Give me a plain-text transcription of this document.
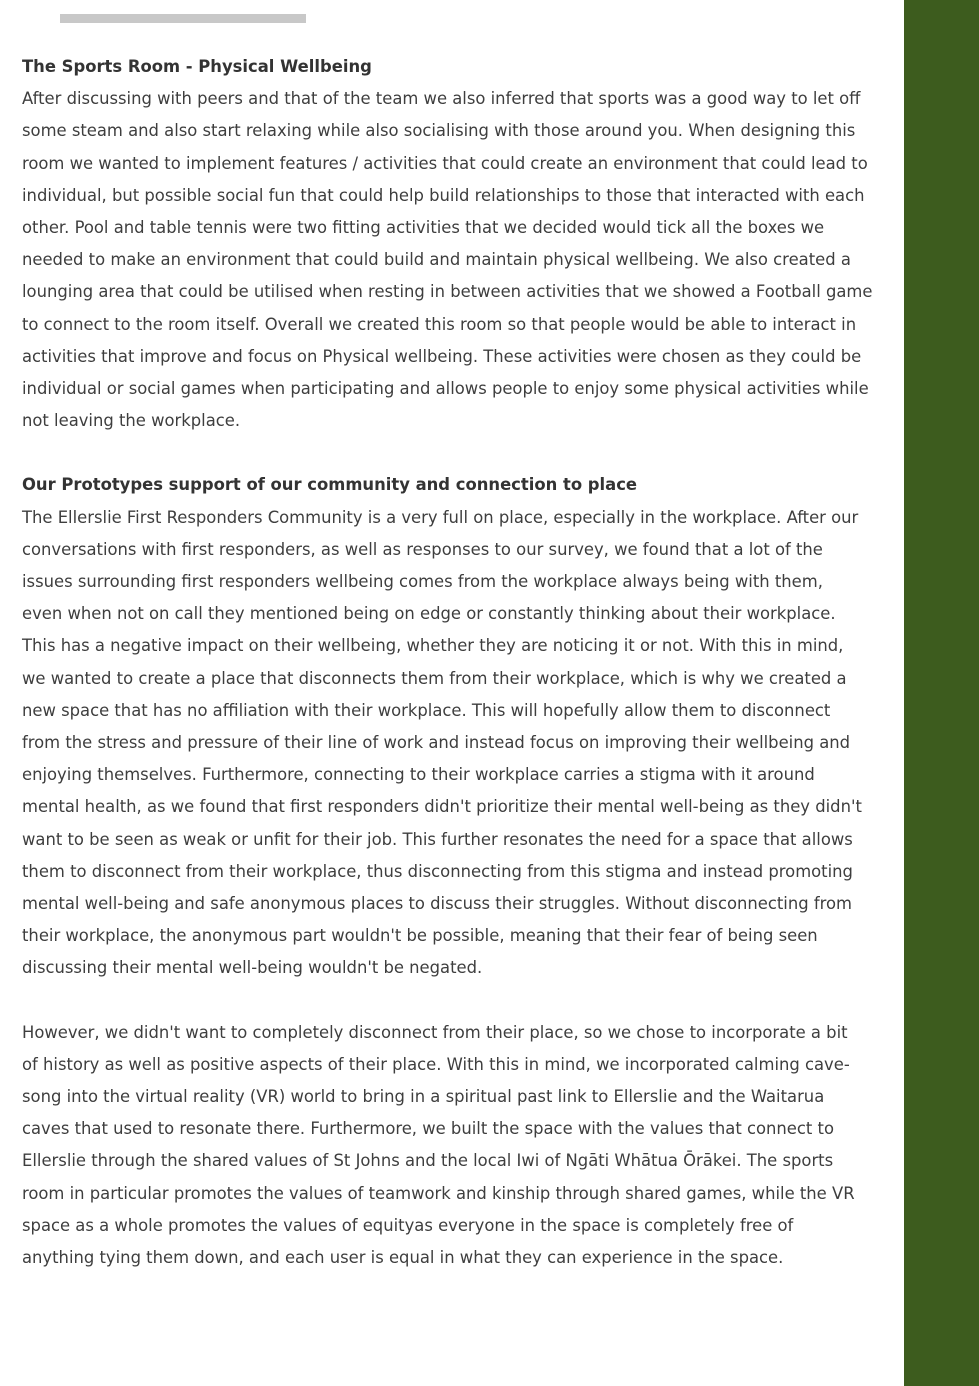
The Sports Room - Physical Wellbeing
After discussing with peers and that of the team we also inferred that sports was a good way to let off
some steam and also start relaxing while also socialising with those around you. When designing this
room we wanted to implement features / activities that could create an environment that could lead to
individual, but possible social fun that could help build relationships to those that interacted with each
other. Pool and table tennis were two fitting activities that we decided would tick all the boxes we
needed to make an environment that could build and maintain physical wellbeing. We also created a
lounging area that could be utilised when resting in between activities that we showed a Football game
to connect to the room itself. Overall we created this room so that people would be able to interact in
activities that improve and focus on Physical wellbeing. These activities were chosen as they could be
individual or social games when participating and allows people to enjoy some physical activities while
not leaving the workplace.
Our Prototypes support of our community and connection to place
The Ellerslie First Responders Community is a very full on place, especially in the workplace. After our
conversations with first responders, as well as responses to our survey, we found that a lot of the
issues surrounding first responders wellbeing comes from the workplace always being with them,
even when not on call they mentioned being on edge or constantly thinking about their workplace.
This has a negative impact on their wellbeing, whether they are noticing it or not. With this in mind,
we wanted to create a place that disconnects them from their workplace, which is why we created a
new space that has no affiliation with their workplace. This will hopefully allow them to disconnect
from the stress and pressure of their line of work and instead focus on improving their wellbeing and
enjoying themselves. Furthermore, connecting to their workplace carries a stigma with it around
mental health, as we found that first responders didn't prioritize their mental well-being as they didn't
want to be seen as weak or unfit for their job. This further resonates the need for a space that allows
them to disconnect from their workplace, thus disconnecting from this stigma and instead promoting
mental well-being and safe anonymous places to discuss their struggles. Without disconnecting from
their workplace, the anonymous part wouldn't be possible, meaning that their fear of being seen
discussing their mental well-being wouldn't be negated.
However, we didn't want to completely disconnect from their place, so we chose to incorporate a bit
of history as well as positive aspects of their place. With this in mind, we incorporated calming cave-
song into the virtual reality (VR) world to bring in a spiritual past link to Ellerslie and the Waitarua
caves that used to resonate there. Furthermore, we built the space with the values that connect to
Ellerslie through the shared values of St Johns and the local Iwi of Ngāti Whātua Ōrākei. The sports
room in particular promotes the values of teamwork and kinship through shared games, while the VR
space as a whole promotes the values of equityas everyone in the space is completely free of
anything tying them down, and each user is equal in what they can experience in the space.
